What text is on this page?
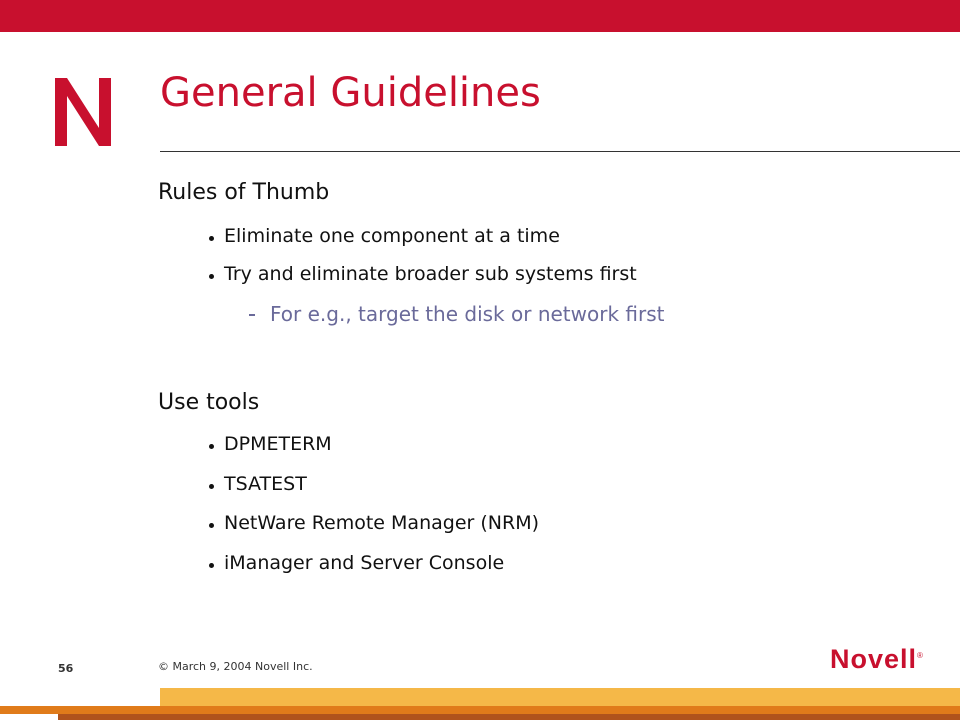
General Guidelines
Rules of Thumb
Eliminate one component at a time
Try and eliminate broader sub systems first
For e.g., target the disk or network first
Use tools
DPMETERM
TSATEST
NetWare Remote Manager (NRM)
iManager and Server Console
56	© March 9, 2004 Novell Inc.	Novell®
